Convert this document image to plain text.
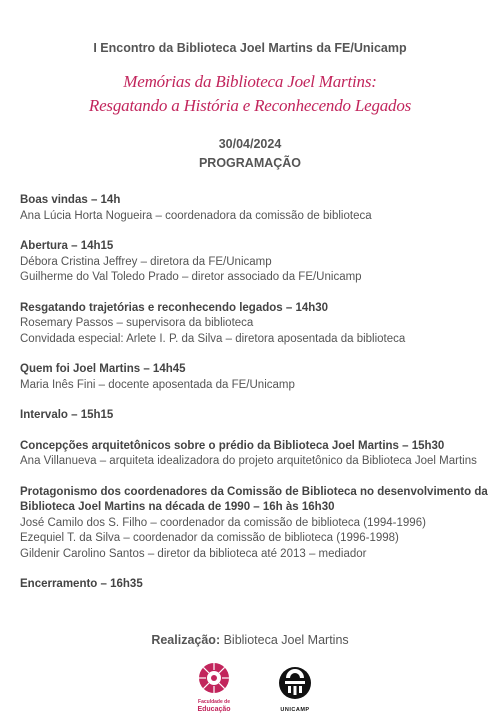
I Encontro da Biblioteca Joel Martins da FE/Unicamp
Memórias da Biblioteca Joel Martins:
Resgatando a História e Reconhecendo Legados
30/04/2024
PROGRAMAÇÃO
Boas vindas – 14h
Ana Lúcia Horta Nogueira – coordenadora da comissão de biblioteca
Abertura – 14h15
Débora Cristina Jeffrey – diretora da FE/Unicamp
Guilherme do Val Toledo Prado – diretor associado da FE/Unicamp
Resgatando trajetórias e reconhecendo legados – 14h30
Rosemary Passos – supervisora da biblioteca
Convidada especial: Arlete I. P. da Silva – diretora aposentada da biblioteca
Quem foi Joel Martins – 14h45
Maria Inês Fini – docente aposentada da FE/Unicamp
Intervalo – 15h15
Concepções arquitetônicos sobre o prédio da Biblioteca Joel Martins – 15h30
Ana Villanueva – arquiteta idealizadora do projeto arquitetônico da Biblioteca Joel Martins
Protagonismo dos coordenadores da Comissão de Biblioteca no desenvolvimento da Biblioteca Joel Martins na década de 1990 – 16h às 16h30
José Camilo dos S. Filho – coordenador da comissão de biblioteca (1994-1996)
Ezequiel T. da Silva – coordenador da comissão de biblioteca (1996-1998)
Gildenir Carolino Santos – diretor da biblioteca até 2013 – mediador
Encerramento – 16h35
Realização: Biblioteca Joel Martins
Faculdade de
Educação	UNICAMP
